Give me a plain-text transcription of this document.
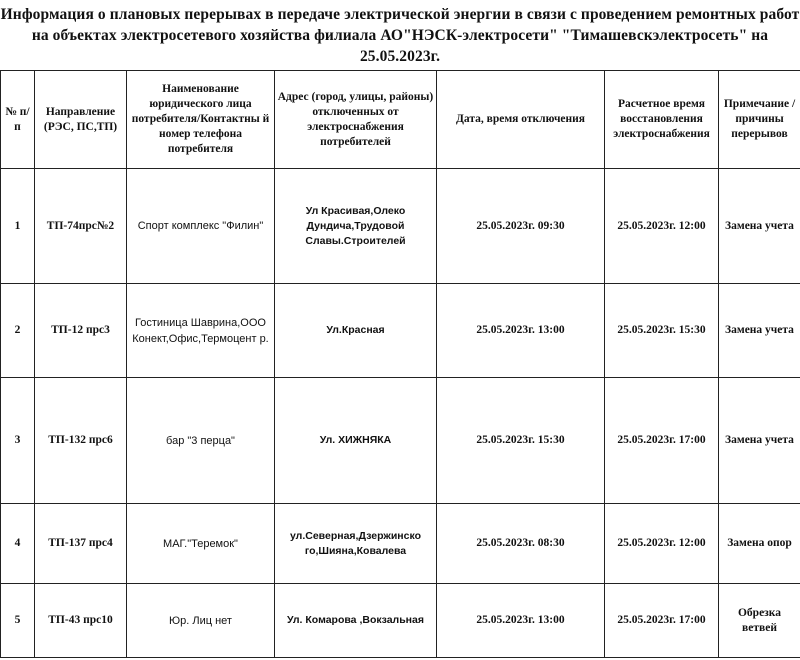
Информация о плановых перерывах в передаче электрической энергии в связи с проведением ремонтных работ на объектах электросетевого хозяйства филиала АО"НЭСК-электросети" "Тимашевскэлектросеть" на 25.05.2023г.
№ п/п	Направление (РЭС, ПС,ТП)	Наименование юридического лица потребителя/Контактны й номер телефона потребителя	Адрес (город, улицы, районы) отключенных от электроснабжения потребителей	Дата, время отключения	Расчетное время восстановления электроснабжения	Примечание / причины перерывов
1	ТП-74прс№2	Спорт комплекс "Филин"	Ул Красивая,Олеко Дундича,Трудовой Славы.Строителей	25.05.2023г. 09:30	25.05.2023г. 12:00	Замена учета
2	ТП-12 прс3	Гостиница Шаврина,ООО Конект,Офис,Термоцент р.	Ул.Красная	25.05.2023г. 13:00	25.05.2023г. 15:30	Замена учета
3	ТП-132 прс6	бар "3 перца"	Ул. ХИЖНЯКА	25.05.2023г. 15:30	25.05.2023г. 17:00	Замена учета
4	ТП-137 прс4	МАГ."Теремок"	ул.Северная,Дзержинско го,Шияна,Ковалева	25.05.2023г. 08:30	25.05.2023г. 12:00	Замена опор
5	ТП-43 прс10	Юр. Лиц нет	Ул. Комарова ,Вокзальная	25.05.2023г. 13:00	25.05.2023г. 17:00	Обрезка ветвей
